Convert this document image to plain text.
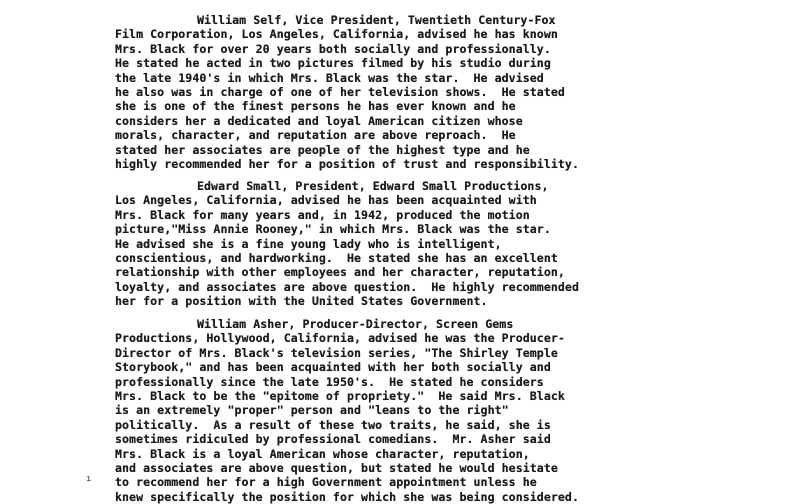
William Self, Vice President, Twentieth Century-Fox
Film Corporation, Los Angeles, California, advised he has known
Mrs. Black for over 20 years both socially and professionally.
He stated he acted in two pictures filmed by his studio during
the late 1940's in which Mrs. Black was the star.  He advised
he also was in charge of one of her television shows.  He stated
she is one of the finest persons he has ever known and he
considers her a dedicated and loyal American citizen whose
morals, character, and reputation are above reproach.  He
stated her associates are people of the highest type and he
highly recommended her for a position of trust and responsibility.
Edward Small, President, Edward Small Productions,
Los Angeles, California, advised he has been acquainted with
Mrs. Black for many years and, in 1942, produced the motion
picture,"Miss Annie Rooney," in which Mrs. Black was the star.
He advised she is a fine young lady who is intelligent,
conscientious, and hardworking.  He stated she has an excellent
relationship with other employees and her character, reputation,
loyalty, and associates are above question.  He highly recommended
her for a position with the United States Government.
William Asher, Producer-Director, Screen Gems
Productions, Hollywood, California, advised he was the Producer-
Director of Mrs. Black's television series, "The Shirley Temple
Storybook," and has been acquainted with her both socially and
professionally since the late 1950's.  He stated he considers
Mrs. Black to be the "epitome of propriety."  He said Mrs. Black
is an extremely "proper" person and "leans to the right"
politically.  As a result of these two traits, he said, she is
sometimes ridiculed by professional comedians.  Mr. Asher said
Mrs. Black is a loyal American whose character, reputation,
and associates are above question, but stated he would hesitate
to recommend her for a high Government appointment unless he
knew specifically the position for which she was being considered.
ı
